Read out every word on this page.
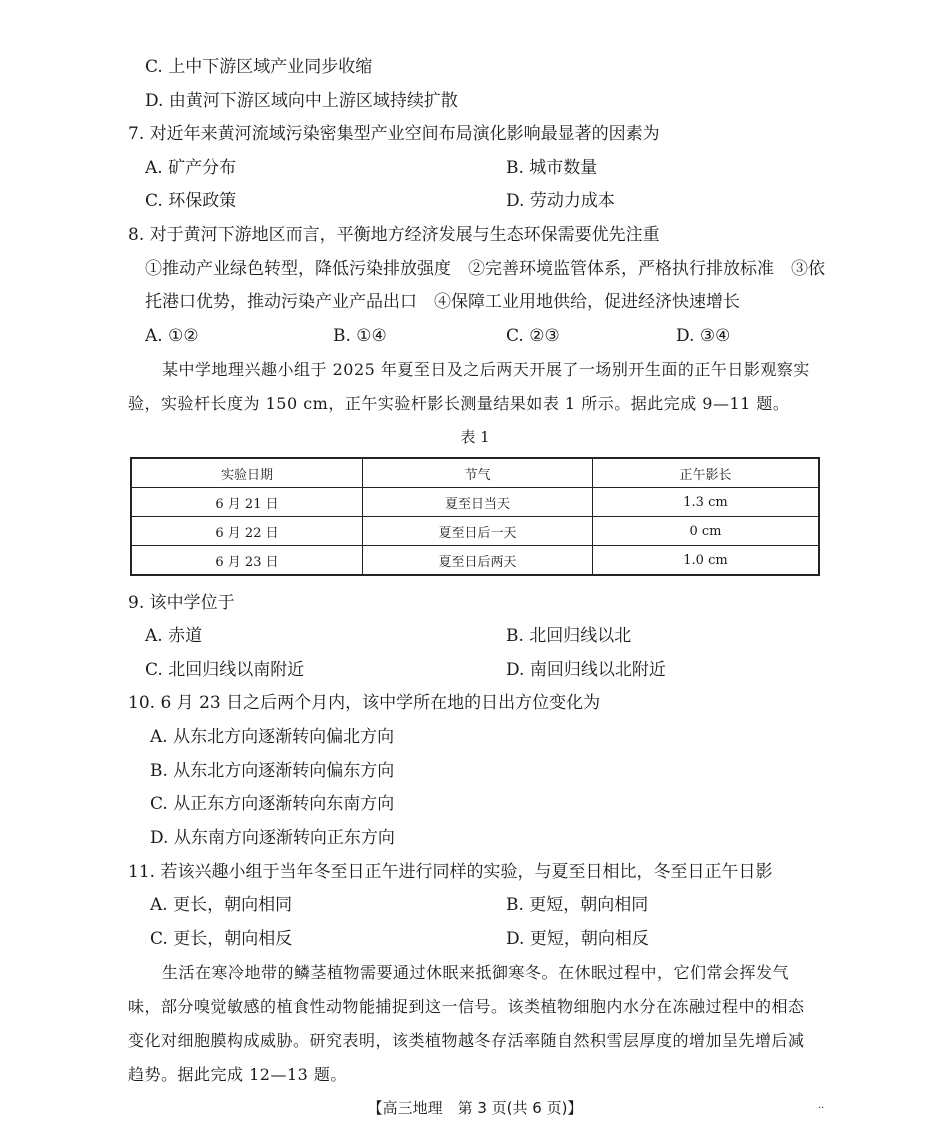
C. 上中下游区域产业同步收缩
D. 由黄河下游区域向中上游区域持续扩散
7. 对近年来黄河流域污染密集型产业空间布局演化影响最显著的因素为
A. 矿产分布	B. 城市数量
C. 环保政策	D. 劳动力成本
8. 对于黄河下游地区而言，平衡地方经济发展与生态环保需要优先注重
①推动产业绿色转型，降低污染排放强度　②完善环境监管体系，严格执行排放标准　③依
托港口优势，推动污染产业产品出口　④保障工业用地供给，促进经济快速增长
A. ①②	B. ①④	C. ②③	D. ③④
某中学地理兴趣小组于 2025 年夏至日及之后两天开展了一场别开生面的正午日影观察实
验，实验杆长度为 150 cm，正午实验杆影长测量结果如表 1 所示。据此完成 9—11 题。
表 1
实验日期	节气	正午影长
6 月 21 日	夏至日当天	1.3 cm
6 月 22 日	夏至日后一天	0 cm
6 月 23 日	夏至日后两天	1.0 cm
9. 该中学位于
A. 赤道	B. 北回归线以北
C. 北回归线以南附近	D. 南回归线以北附近
10. 6 月 23 日之后两个月内，该中学所在地的日出方位变化为
A. 从东北方向逐渐转向偏北方向
B. 从东北方向逐渐转向偏东方向
C. 从正东方向逐渐转向东南方向
D. 从东南方向逐渐转向正东方向
11. 若该兴趣小组于当年冬至日正午进行同样的实验，与夏至日相比，冬至日正午日影
A. 更长，朝向相同	B. 更短，朝向相同
C. 更长，朝向相反	D. 更短，朝向相反
生活在寒冷地带的鳞茎植物需要通过休眠来抵御寒冬。在休眠过程中，它们常会挥发气
味，部分嗅觉敏感的植食性动物能捕捉到这一信号。该类植物细胞内水分在冻融过程中的相态
变化对细胞膜构成威胁。研究表明，该类植物越冬存活率随自然积雪层厚度的增加呈先增后减
趋势。据此完成 12—13 题。
【高三地理　第 3 页(共 6 页)】	..
